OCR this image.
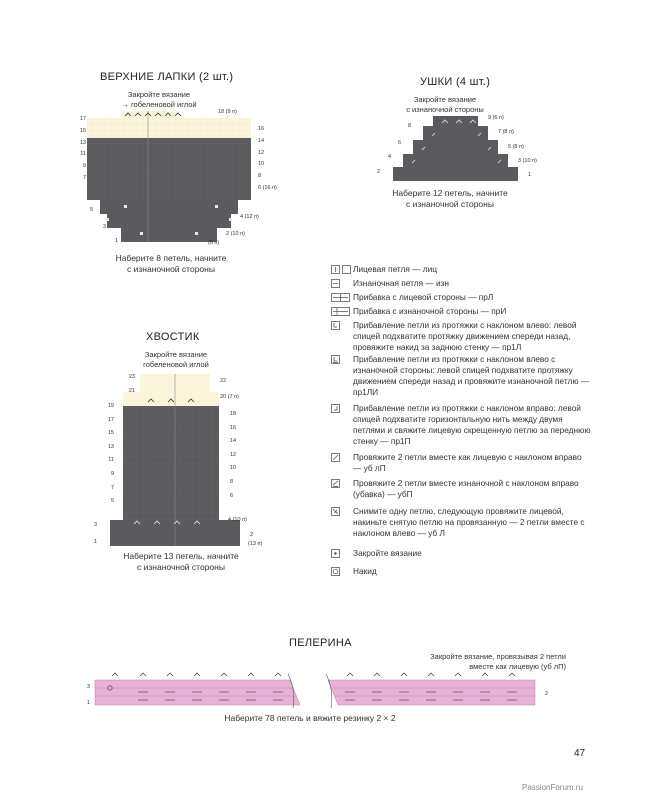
ВЕРХНИЕ ЛАПКИ (2 шт.)
Закройте вязание
→ гобеленовой иглой
17
15
13
11
9
7
5
3
1
18 (9 п)
16
14
12
10
8
6 (16 п)
4 (12 п)
2 (10 п)
(8 п)
Наберите 8 петель, начните
с изнаночной стороны
УШКИ (4 шт.)
Закройте вязание
с изнаночной стороны
8
6
4
2
9 (6 п)
7 (8 п)
5 (8 п)
3 (10 п)
1
Наберите 12 петель, начните
с изнаночной стороны
ХВОСТИК
Закройте вязание
гобеленовой иглой
23
21
19
17
15
13
11
9
7
5
3
1
22
20 (7 п)
18
16
14
12
10
8
6
4 (10 п)
2
(13 п)
Наберите 13 петель, начните
с изнаночной стороны
Лицевая петля — лиц
Изнаночная петля — изн
Прибавка с лицевой стороны — прЛ
Прибавка с изнаночной стороны — прИ
Прибавление петли из протяжки с наклоном влево: левой спицей подхватите протяжку движением спереди назад, провяжите накид за заднюю стенку — пр1Л
Прибавление петли из протяжки с наклоном влево с изнаночной стороны: левой спицей подхватите протяжку движением спереди назад и провяжите изнаночной петлю — пр1ЛИ
Прибавление петли из протяжки с наклоном вправо: левой спицей подхватите горизонтальную нить между двумя петлями и свяжите лицевую скрещенную петлю за переднюю стенку — пр1П
Провяжите 2 петли вместе как лицевую с наклоном вправо — уб лП
Провяжите 2 петли вместе изнаночной с наклоном вправо (убавка) — убП
Снимите одну петлю, следующую провяжите лицевой, накиньте снятую петлю на провязанную — 2 петли вместе с наклоном влево — уб Л
Закройте вязание
Накид
ПЕЛЕРИНА
Закройте вязание, провязывая 2 петли
вместе как лицевую (уб лП)
3
1
2
Наберите 78 петель и вяжите резинку 2 × 2
47
PassionForum.ru
